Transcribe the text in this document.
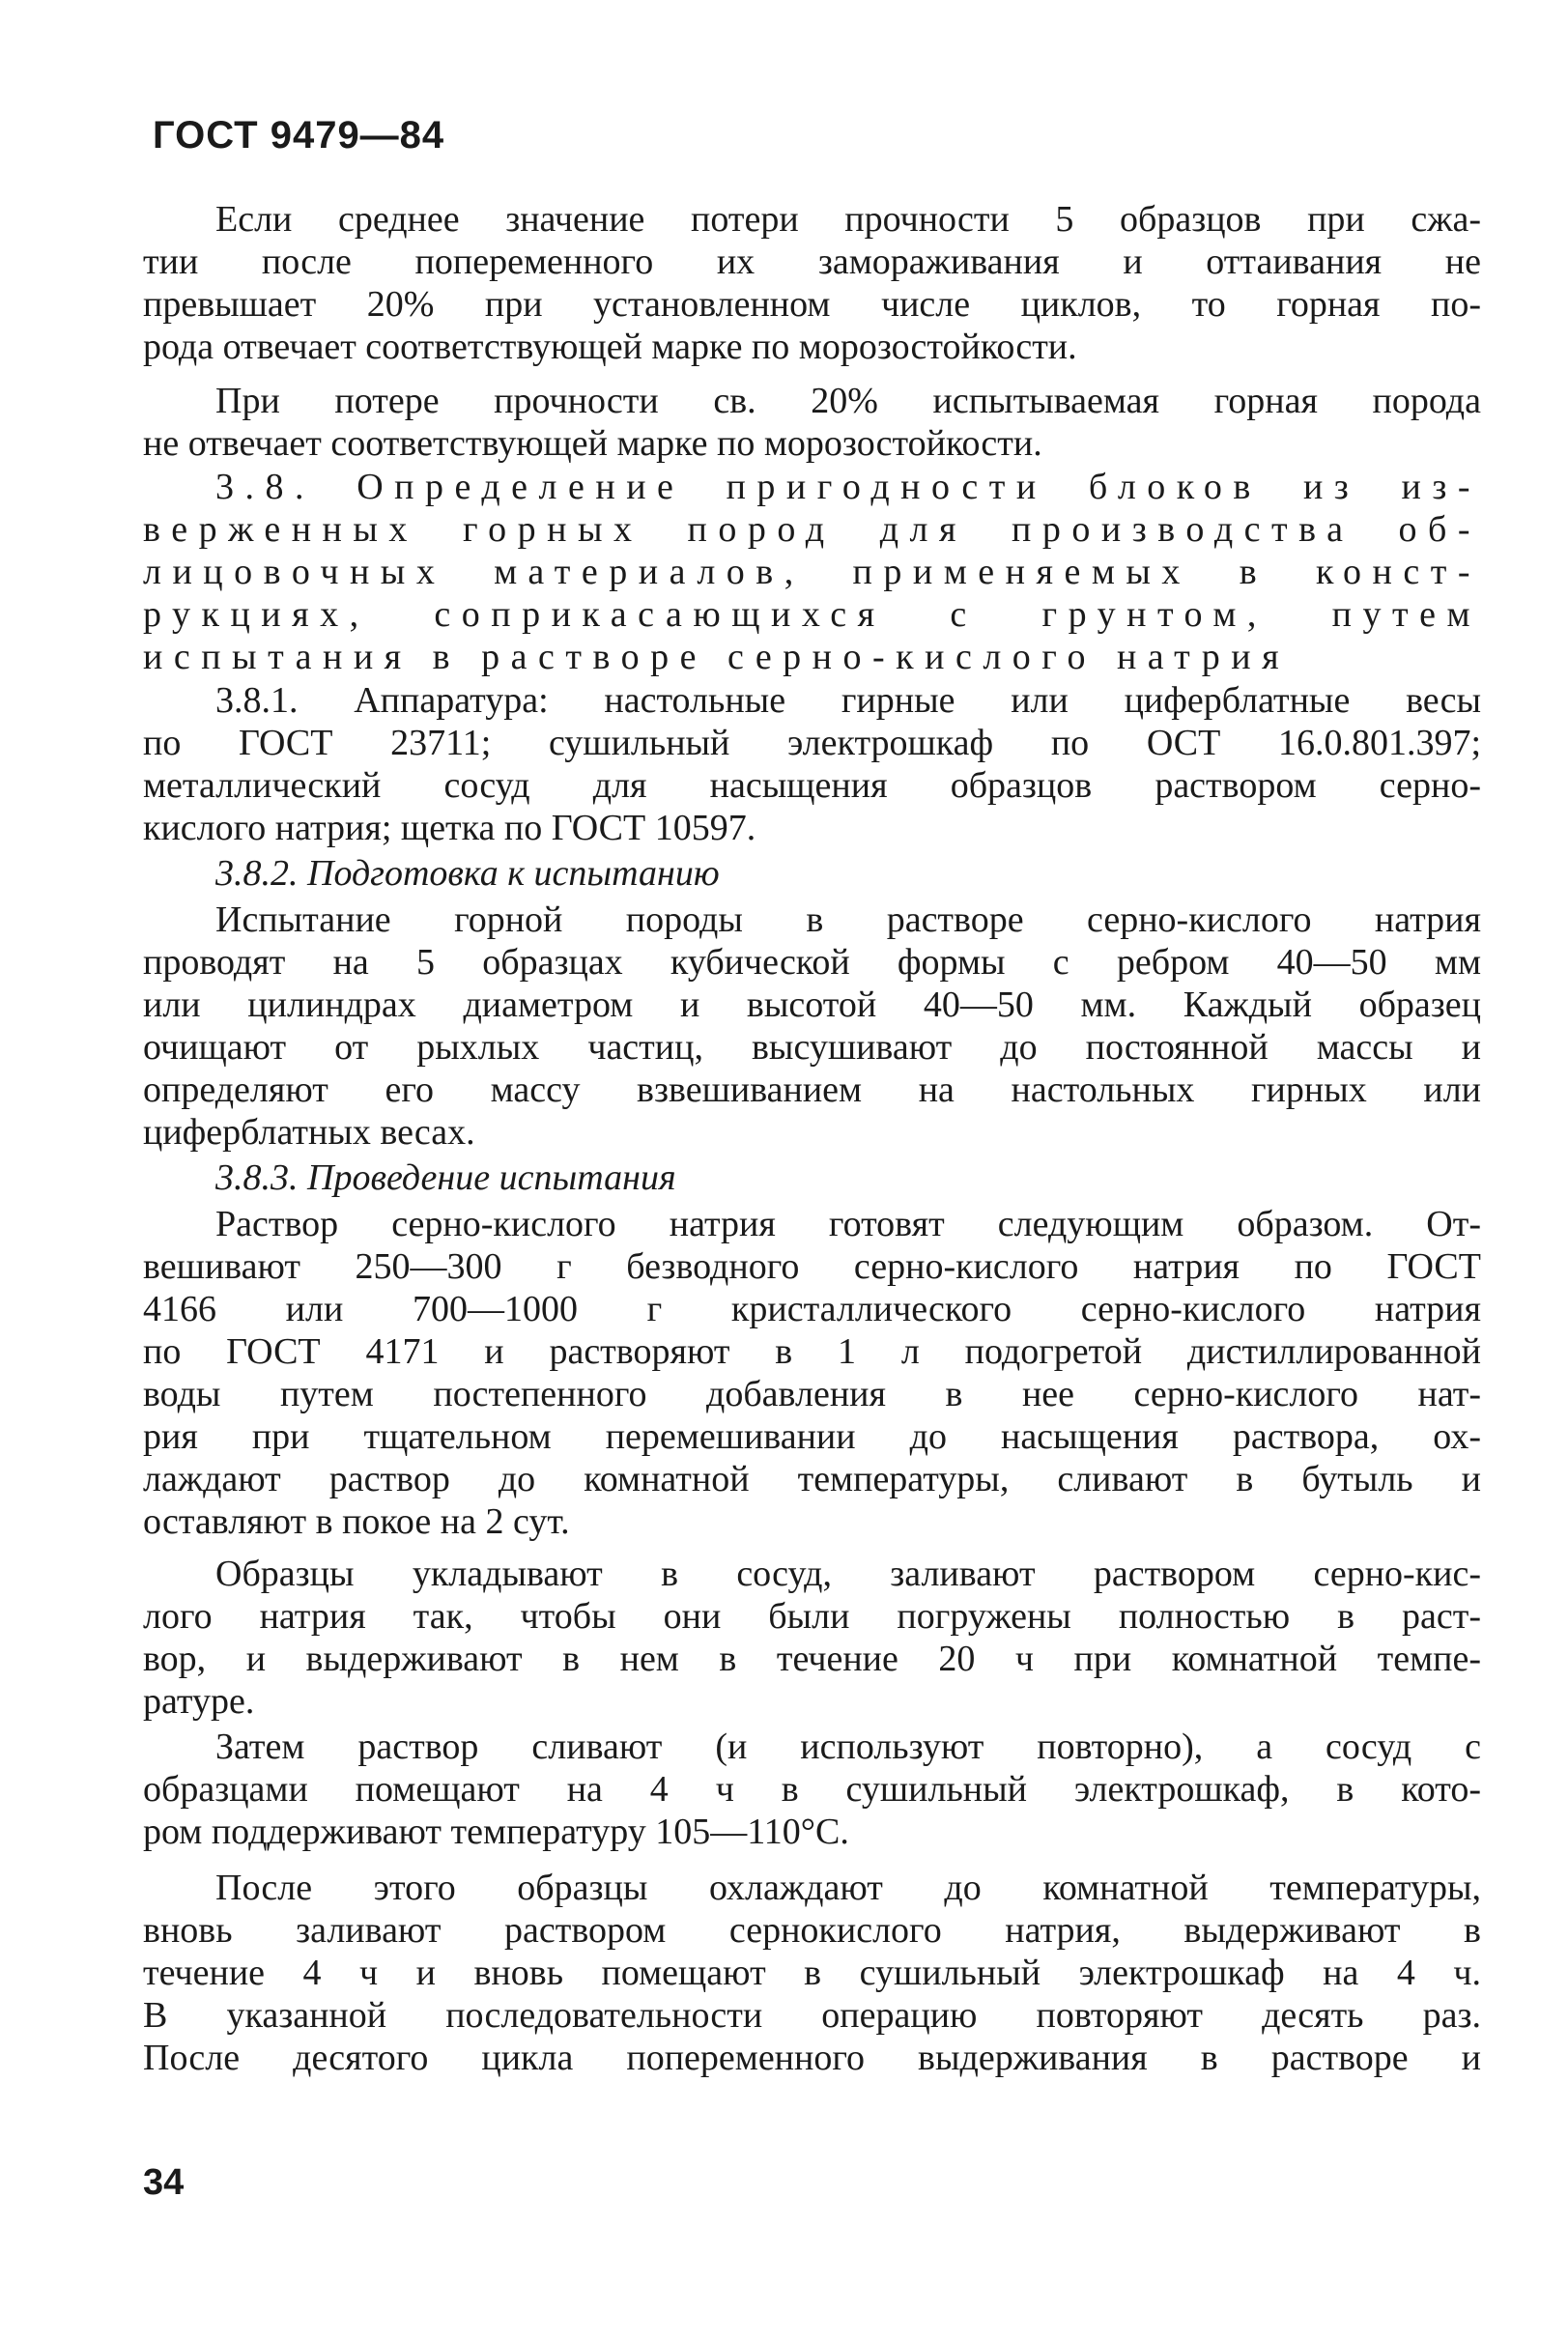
ГОСТ 9479—84
Если среднее значение потери прочности 5 образцов при сжа-
тии после попеременного их замораживания и оттаивания не
превышает 20% при установленном числе циклов, то горная по-
рода отвечает соответствующей марке по морозостойкости.
При потере прочности св. 20% испытываемая горная порода
не отвечает соответствующей марке по морозостойкости.
3.8. Определение пригодности блоков из из-
верженных горных пород для производства об-
лицовочных материалов, применяемых в конст-
рукциях, соприкасающихся с грунтом, путем
испытания в растворе серно-кислого натрия
3.8.1. Аппаратура: настольные гирные или циферблатные весы
по ГОСТ 23711; сушильный электрошкаф по ОСТ 16.0.801.397;
металлический сосуд для насыщения образцов раствором серно-
кислого натрия; щетка по ГОСТ 10597.
3.8.2. Подготовка к испытанию
Испытание горной породы в растворе серно-кислого натрия
проводят на 5 образцах кубической формы с ребром 40—50 мм
или цилиндрах диаметром и высотой 40—50 мм. Каждый образец
очищают от рыхлых частиц, высушивают до постоянной массы и
определяют его массу взвешиванием на настольных гирных или
циферблатных весах.
3.8.3. Проведение испытания
Раствор серно-кислого натрия готовят следующим образом. От-
вешивают 250—300 г безводного серно-кислого натрия по ГОСТ
4166 или 700—1000 г кристаллического серно-кислого натрия
по ГОСТ 4171 и растворяют в 1 л подогретой дистиллированной
воды путем постепенного добавления в нее серно-кислого нат-
рия при тщательном перемешивании до насыщения раствора, ох-
лаждают раствор до комнатной температуры, сливают в бутыль и
оставляют в покое на 2 сут.
Образцы укладывают в сосуд, заливают раствором серно-кис-
лого натрия так, чтобы они были погружены полностью в раст-
вор, и выдерживают в нем в течение 20 ч при комнатной темпе-
ратуре.
Затем раствор сливают (и используют повторно), а сосуд с
образцами помещают на 4 ч в сушильный электрошкаф, в кото-
ром поддерживают температуру 105—110°С.
После этого образцы охлаждают до комнатной температуры,
вновь заливают раствором сернокислого натрия, выдерживают в
течение 4 ч и вновь помещают в сушильный электрошкаф на 4 ч.
В указанной последовательности операцию повторяют десять раз.
После десятого цикла попеременного выдерживания в растворе и
34
